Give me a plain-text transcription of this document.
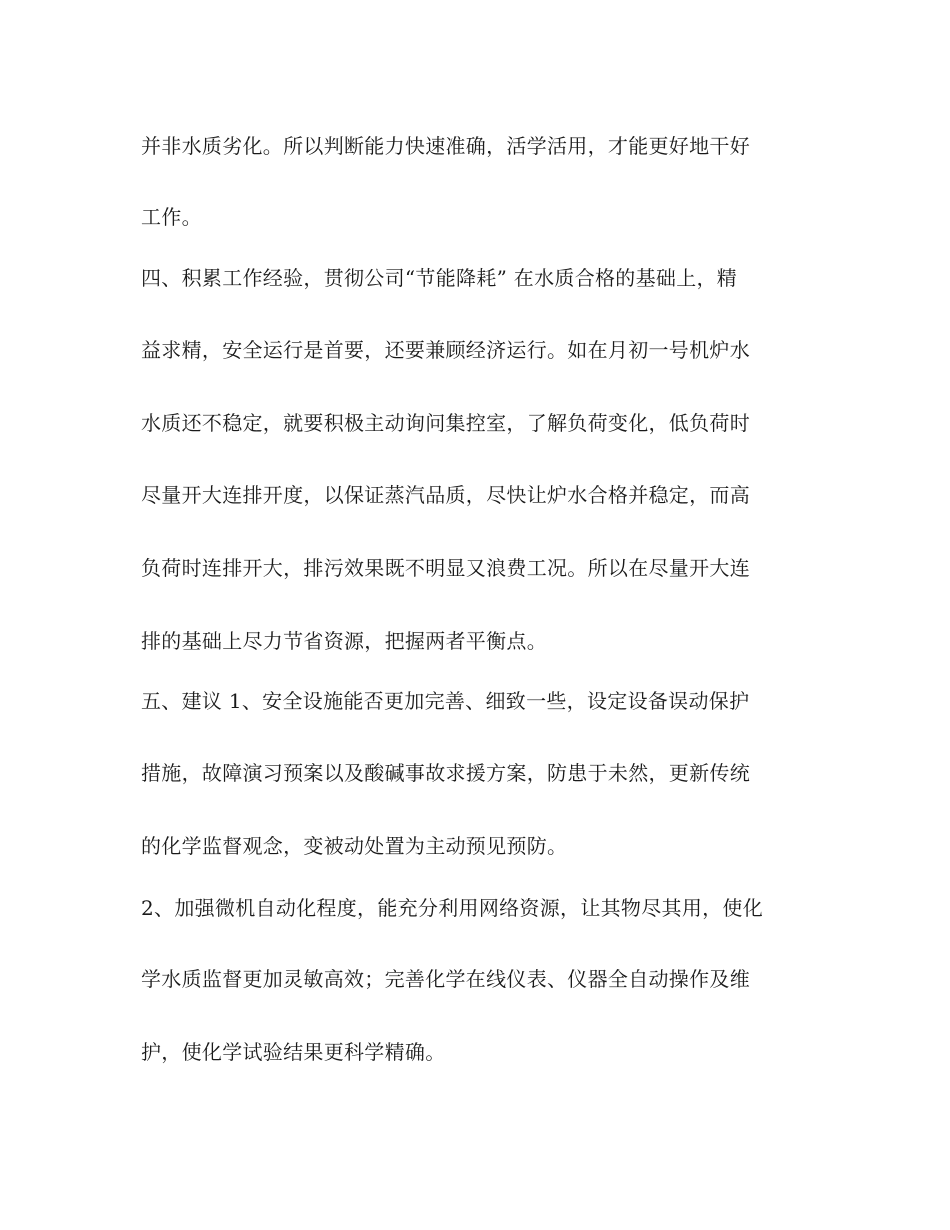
并非水质劣化。所以判断能力快速准确，活学活用，才能更好地干好
工作。
四、积累工作经验，贯彻公司“节能降耗” 在水质合格的基础上，精
益求精，安全运行是首要，还要兼顾经济运行。如在月初一号机炉水
水质还不稳定，就要积极主动询问集控室，了解负荷变化，低负荷时
尽量开大连排开度，以保证蒸汽品质，尽快让炉水合格并稳定，而高
负荷时连排开大，排污效果既不明显又浪费工况。所以在尽量开大连
排的基础上尽力节省资源，把握两者平衡点。
五、建议 1、安全设施能否更加完善、细致一些，设定设备误动保护
措施，故障演习预案以及酸碱事故求援方案，防患于未然，更新传统
的化学监督观念，变被动处置为主动预见预防。
2、加强微机自动化程度，能充分利用网络资源，让其物尽其用，使化
学水质监督更加灵敏高效；完善化学在线仪表、仪器全自动操作及维
护，使化学试验结果更科学精确。
